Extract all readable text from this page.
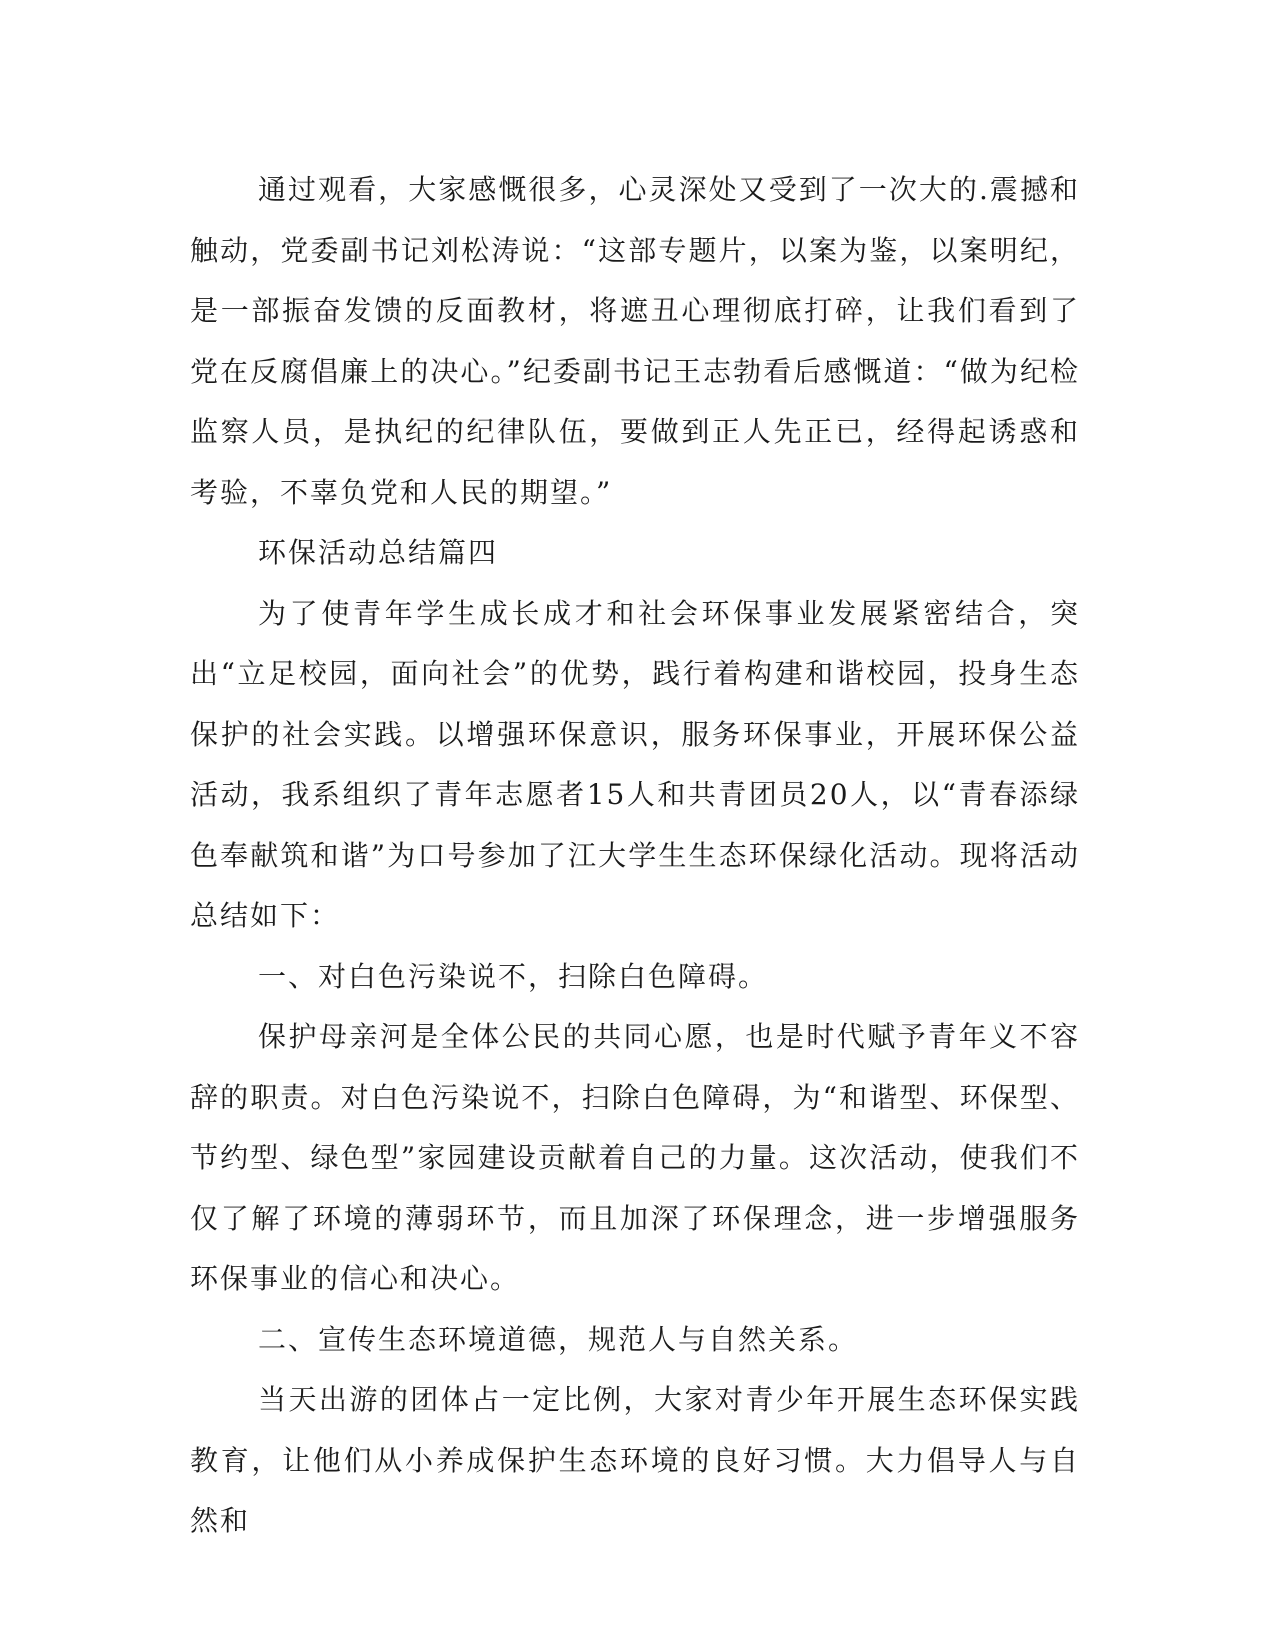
通过观看，大家感慨很多，心灵深处又受到了一次大的.震撼和触动，党委副书记刘松涛说：“这部专题片，以案为鉴，以案明纪，是一部振奋发馈的反面教材，将遮丑心理彻底打碎，让我们看到了党在反腐倡廉上的决心。”纪委副书记王志勃看后感慨道：“做为纪检监察人员，是执纪的纪律队伍，要做到正人先正已，经得起诱惑和考验，不辜负党和人民的期望。”

环保活动总结篇四

为了使青年学生成长成才和社会环保事业发展紧密结合，突出“立足校园，面向社会”的优势，践行着构建和谐校园，投身生态保护的社会实践。以增强环保意识，服务环保事业，开展环保公益活动，我系组织了青年志愿者15人和共青团员20人，以“青春添绿色奉献筑和谐”为口号参加了江大学生生态环保绿化活动。现将活动总结如下：

一、对白色污染说不，扫除白色障碍。

保护母亲河是全体公民的共同心愿，也是时代赋予青年义不容辞的职责。对白色污染说不，扫除白色障碍，为“和谐型、环保型、节约型、绿色型”家园建设贡献着自己的力量。这次活动，使我们不仅了解了环境的薄弱环节，而且加深了环保理念，进一步增强服务环保事业的信心和决心。

二、宣传生态环境道德，规范人与自然关系。

当天出游的团体占一定比例，大家对青少年开展生态环保实践教育，让他们从小养成保护生态环境的良好习惯。大力倡导人与自然和
